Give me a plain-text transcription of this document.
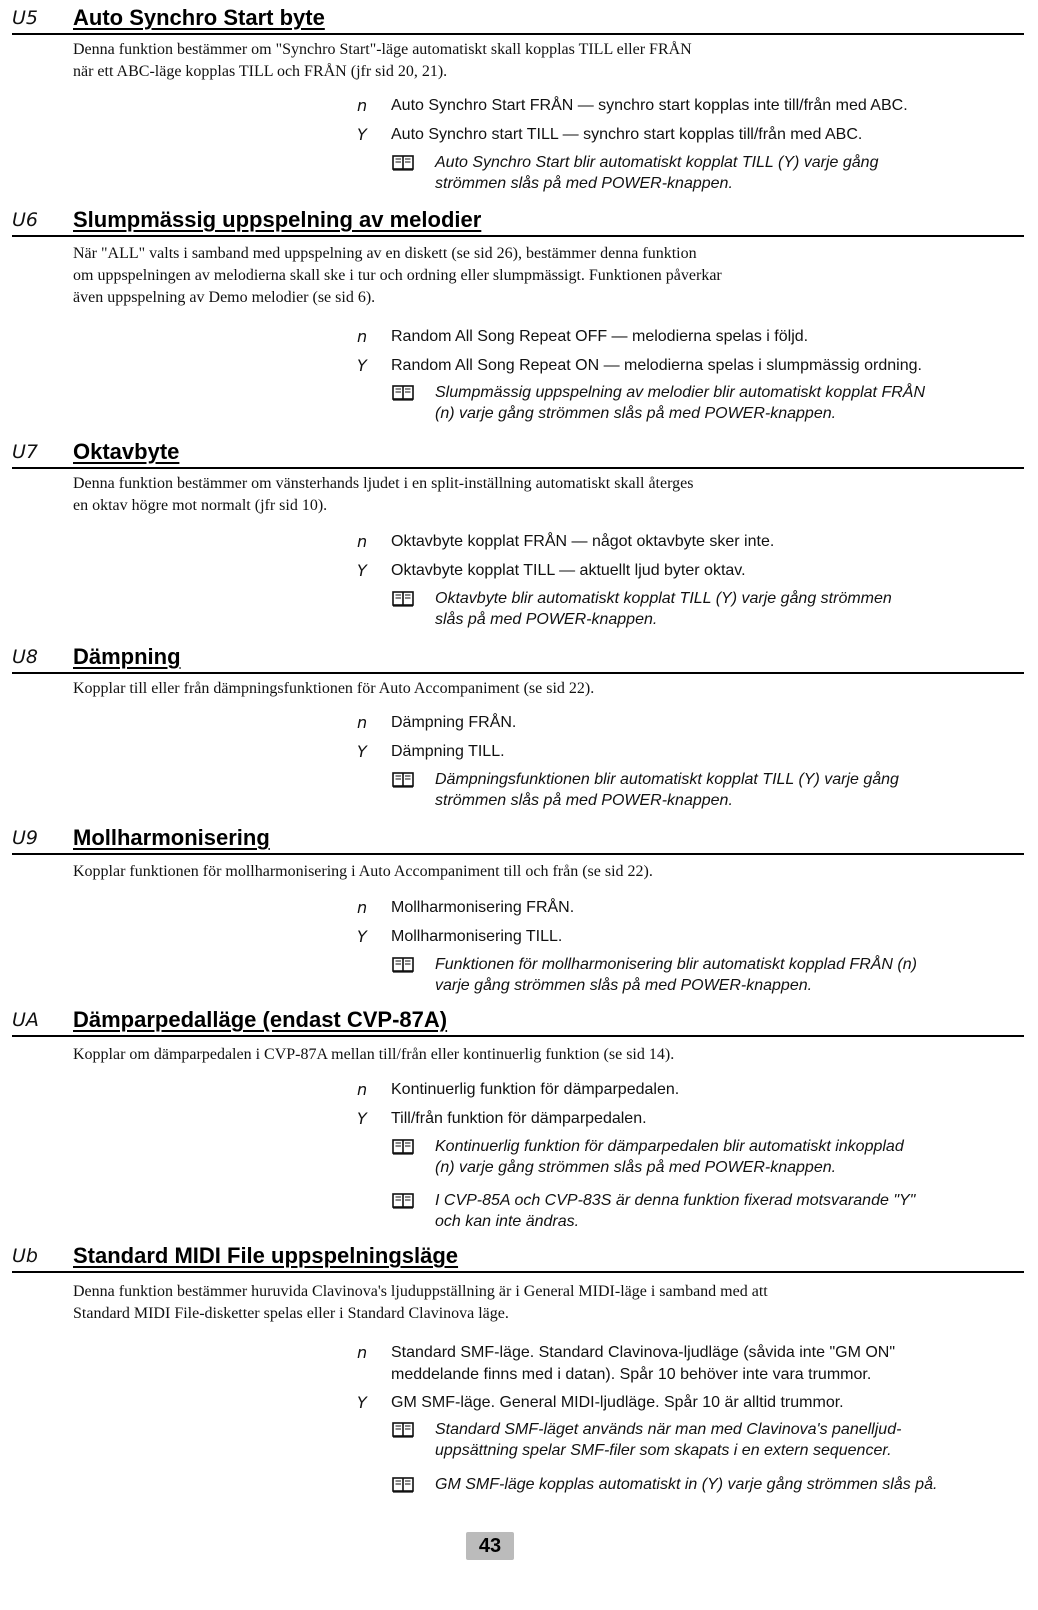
U5 Auto Synchro Start byte
Denna funktion bestämmer om "Synchro Start"-läge automatiskt skall kopplas TILL eller FRÅN
när ett ABC-läge kopplas TILL och FRÅN (jfr sid 20, 21).
n Auto Synchro Start FRÅN — synchro start kopplas inte till/från med ABC.
Y Auto Synchro start TILL — synchro start kopplas till/från med ABC.
Auto Synchro Start blir automatiskt kopplat TILL (Y) varje gång
strömmen slås på med POWER-knappen.
U6 Slumpmässig uppspelning av melodier
När "ALL" valts i samband med uppspelning av en diskett (se sid 26), bestämmer denna funktion
om uppspelningen av melodierna skall ske i tur och ordning eller slumpmässigt. Funktionen påverkar
även uppspelning av Demo melodier (se sid 6).
n Random All Song Repeat OFF — melodierna spelas i följd.
Y Random All Song Repeat ON — melodierna spelas i slumpmässig ordning.
Slumpmässig uppspelning av melodier blir automatiskt kopplat FRÅN
(n) varje gång strömmen slås på med POWER-knappen.
U7 Oktavbyte
Denna funktion bestämmer om vänsterhands ljudet i en split-inställning automatiskt skall återges
en oktav högre mot normalt (jfr sid 10).
n Oktavbyte kopplat FRÅN — något oktavbyte sker inte.
Y Oktavbyte kopplat TILL — aktuellt ljud byter oktav.
Oktavbyte blir automatiskt kopplat TILL (Y) varje gång strömmen
slås på med POWER-knappen.
U8 Dämpning
Kopplar till eller från dämpningsfunktionen för Auto Accompaniment (se sid 22).
n Dämpning FRÅN.
Y Dämpning TILL.
Dämpningsfunktionen blir automatiskt kopplat TILL (Y) varje gång
strömmen slås på med POWER-knappen.
U9 Mollharmonisering
Kopplar funktionen för mollharmonisering i Auto Accompaniment till och från (se sid 22).
n Mollharmonisering FRÅN.
Y Mollharmonisering TILL.
Funktionen för mollharmonisering blir automatiskt kopplad FRÅN (n)
varje gång strömmen slås på med POWER-knappen.
UA Dämparpedalläge (endast CVP-87A)
Kopplar om dämparpedalen i CVP-87A mellan till/från eller kontinuerlig funktion (se sid 14).
n Kontinuerlig funktion för dämparpedalen.
Y Till/från funktion för dämparpedalen.
Kontinuerlig funktion för dämparpedalen blir automatiskt inkopplad
(n) varje gång strömmen slås på med POWER-knappen.
I CVP-85A och CVP-83S är denna funktion fixerad motsvarande "Y"
och kan inte ändras.
Ub Standard MIDI File uppspelningsläge
Denna funktion bestämmer huruvida Clavinova's ljuduppställning är i General MIDI-läge i samband med att
Standard MIDI File-disketter spelas eller i Standard Clavinova läge.
n Standard SMF-läge. Standard Clavinova-ljudläge (såvida inte "GM ON"
meddelande finns med i datan). Spår 10 behöver inte vara trummor.
Y GM SMF-läge. General MIDI-ljudläge. Spår 10 är alltid trummor.
Standard SMF-läget används när man med Clavinova's panelljud-
uppsättning spelar SMF-filer som skapats i en extern sequencer.
GM SMF-läge kopplas automatiskt in (Y) varje gång strömmen slås på.
43
